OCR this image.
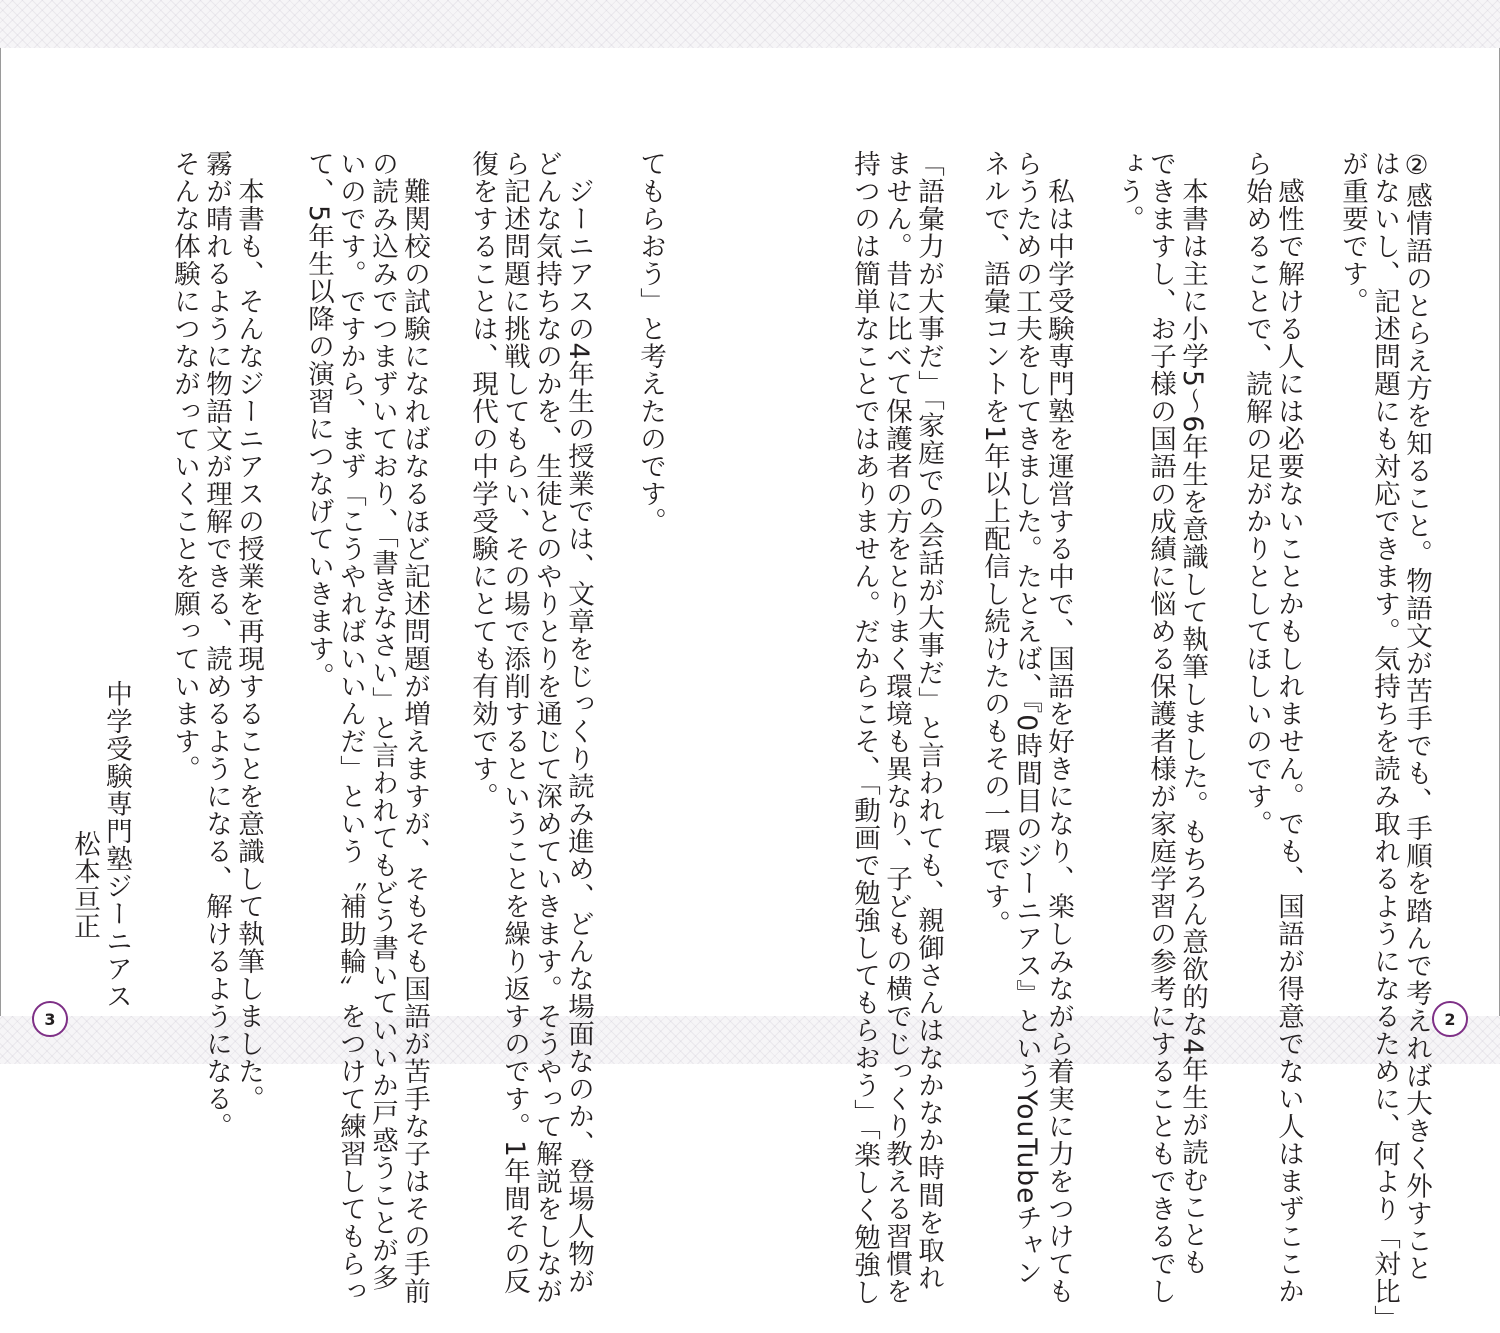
②感情語のとらえ方を知ること。物語文が苦手でも、手順を踏んで考えれば大きく外すこと
はないし、記述問題にも対応できます。気持ちを読み取れるようになるために、何より「対比」
が重要です。
　感性で解ける人には必要ないことかもしれません。でも、国語が得意でない人はまずここか
ら始めることで、読解の足がかりとしてほしいのです。
　本書は主に小学5～6年生を意識して執筆しました。もちろん意欲的な4年生が読むことも
できますし、お子様の国語の成績に悩める保護者様が家庭学習の参考にすることもできるでし
ょう。
　私は中学受験専門塾を運営する中で、国語を好きになり、楽しみながら着実に力をつけても
らうための工夫をしてきました。たとえば、『0時間目のジーニアス』というYouTubeチャン
ネルで、語彙コントを1年以上配信し続けたのもその一環です。
「語彙力が大事だ」「家庭での会話が大事だ」と言われても、親御さんはなかなか時間を取れ
ません。昔に比べて保護者の方をとりまく環境も異なり、子どもの横でじっくり教える習慣を
持つのは簡単なことではありません。だからこそ、「動画で勉強してもらおう」「楽しく勉強し
てもらおう」と考えたのです。
　ジーニアスの4年生の授業では、文章をじっくり読み進め、どんな場面なのか、登場人物が
どんな気持ちなのかを、生徒とのやりとりを通じて深めていきます。そうやって解説をしなが
ら記述問題に挑戦してもらい、その場で添削するということを繰り返すのです。1年間その反
復をすることは、現代の中学受験にとても有効です。
　難関校の試験になればなるほど記述問題が増えますが、そもそも国語が苦手な子はその手前
の読み込みでつまずいており、「書きなさい」と言われてもどう書いていいか戸惑うことが多
いのです。ですから、まず「こうやればいいんだ」という〝補助輪〟をつけて練習してもらっ
て、5年生以降の演習につなげていきます。
　本書も、そんなジーニアスの授業を再現することを意識して執筆しました。
霧が晴れるように物語文が理解できる、読めるようになる、解けるようになる。
そんな体験につながっていくことを願っています。
中学受験専門塾ジーニアス
松本亘正
3	2
